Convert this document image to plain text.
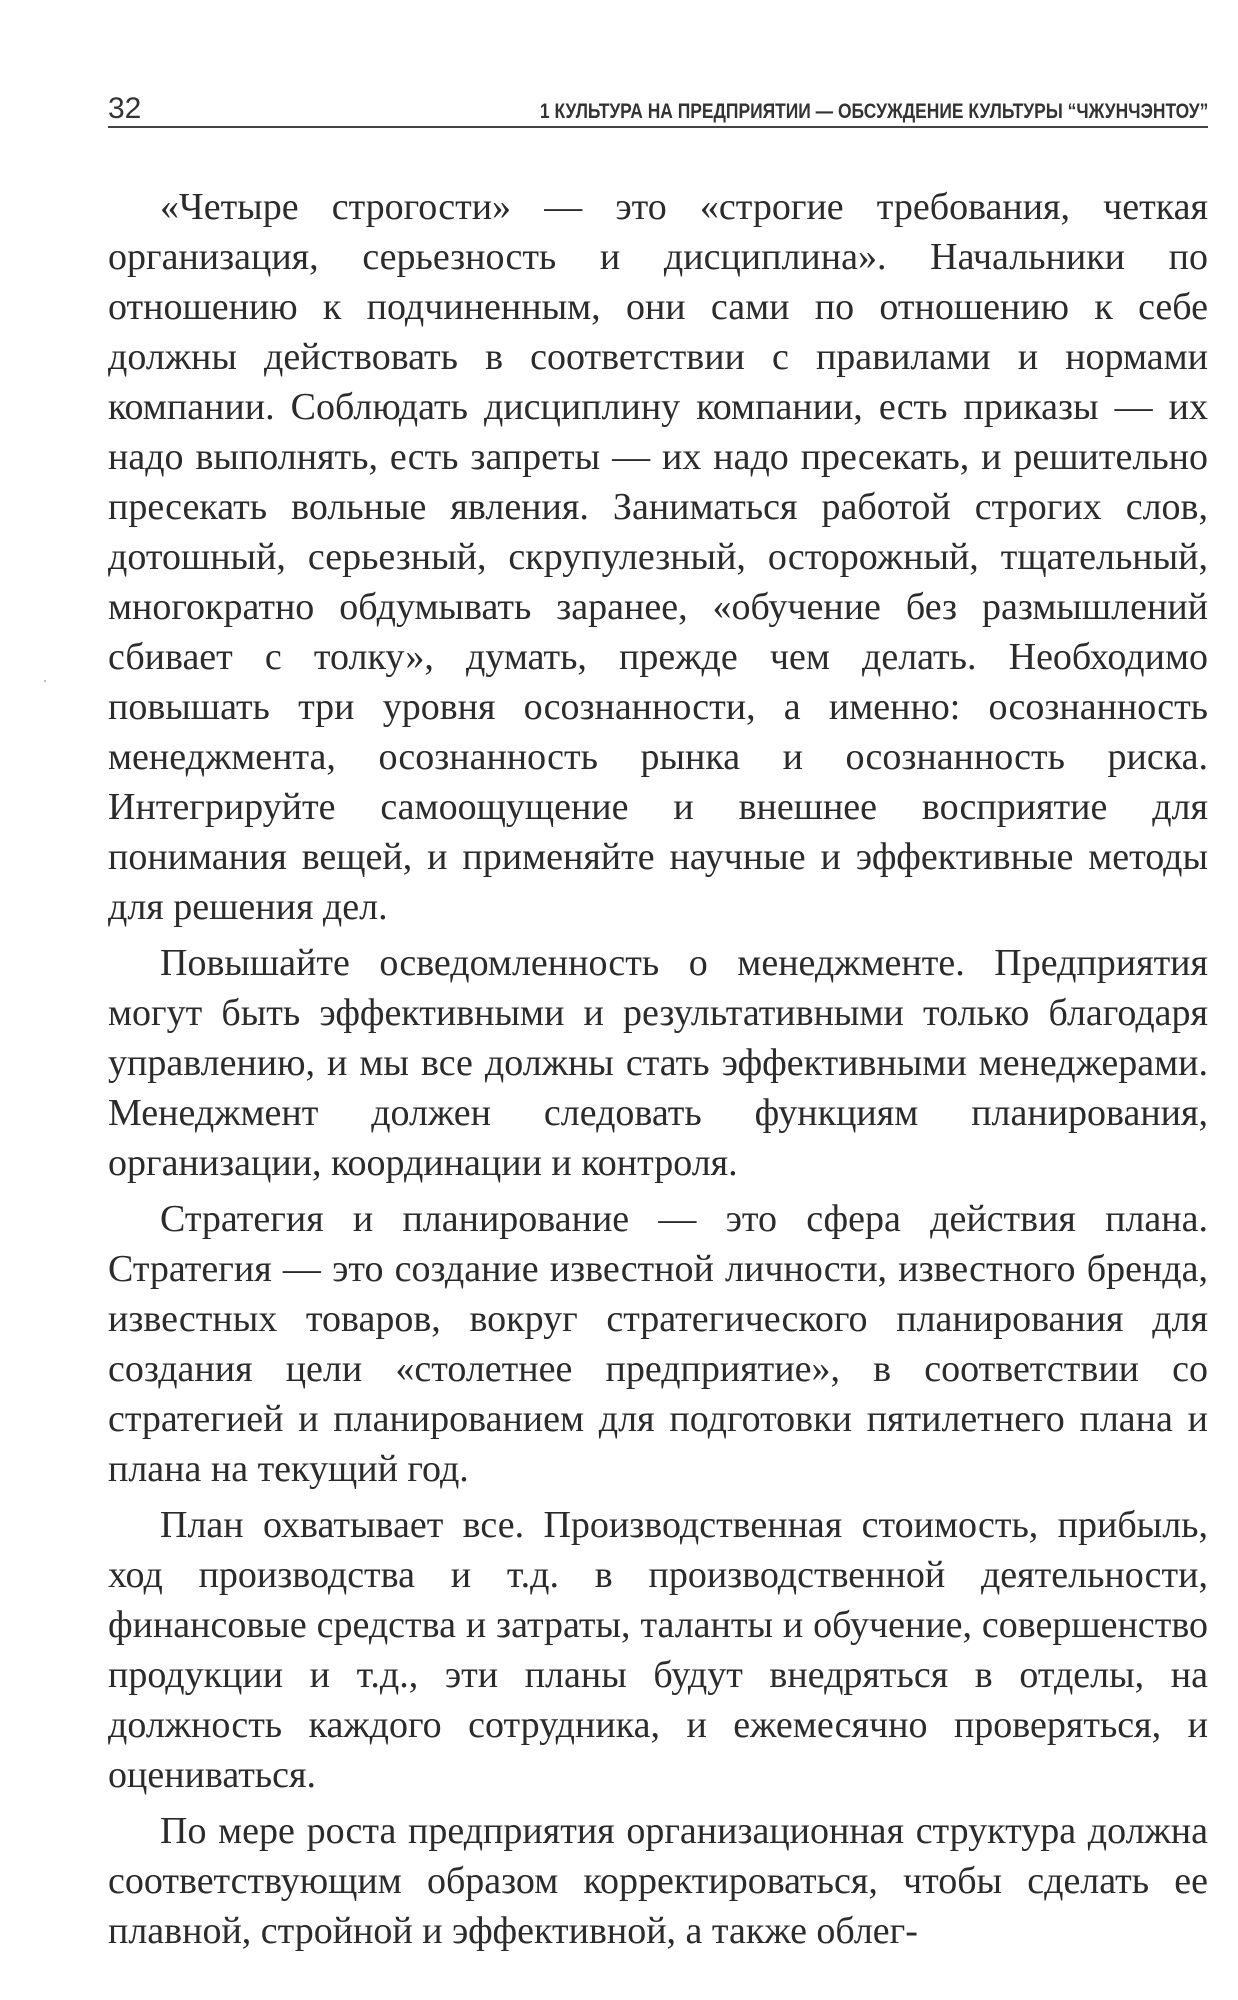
32	1 КУЛЬТУРА НА ПРЕДПРИЯТИИ — ОБСУЖДЕНИЕ КУЛЬТУРЫ “ЧЖУНЧЭНТОУ”

«Четыре строгости» — это «строгие требования, четкая организация, серьезность и дисциплина». Начальники по отношению к подчиненным, они сами по отношению к себе должны действовать в соответствии с правилами и нормами компании. Соблюдать дисциплину компании, есть приказы — их надо выполнять, есть запреты — их надо пресекать, и решительно пресекать вольные явления. Заниматься работой строгих слов, дотошный, серьезный, скрупулезный, осторожный, тщательный, многократно обдумывать заранее, «обучение без размышлений сбивает с толку», думать, прежде чем делать. Необходимо повышать три уровня осознанности, а именно: осознанность менеджмента, осознанность рынка и осознанность риска. Интегрируйте самоощущение и внешнее восприятие для понимания вещей, и применяйте научные и эффективные методы для решения дел.

Повышайте осведомленность о менеджменте. Предприятия могут быть эффективными и результативными только благодаря управлению, и мы все должны стать эффективными менеджерами. Менеджмент должен следовать функциям планирования, организации, координации и контроля.

Стратегия и планирование — это сфера действия плана. Стратегия — это создание известной личности, известного бренда, известных товаров, вокруг стратегического планирования для создания цели «столетнее предприятие», в соответствии со стратегией и планированием для подготовки пятилетнего плана и плана на текущий год.

План охватывает все. Производственная стоимость, прибыль, ход производства и т.д. в производственной деятельности, финансовые средства и затраты, таланты и обучение, совершенство продукции и т.д., эти планы будут внедряться в отделы, на должность каждого сотрудника, и ежемесячно проверяться, и оцениваться.

По мере роста предприятия организационная структура должна соответствующим образом корректироваться, чтобы сделать ее плавной, стройной и эффективной, а также облег-
